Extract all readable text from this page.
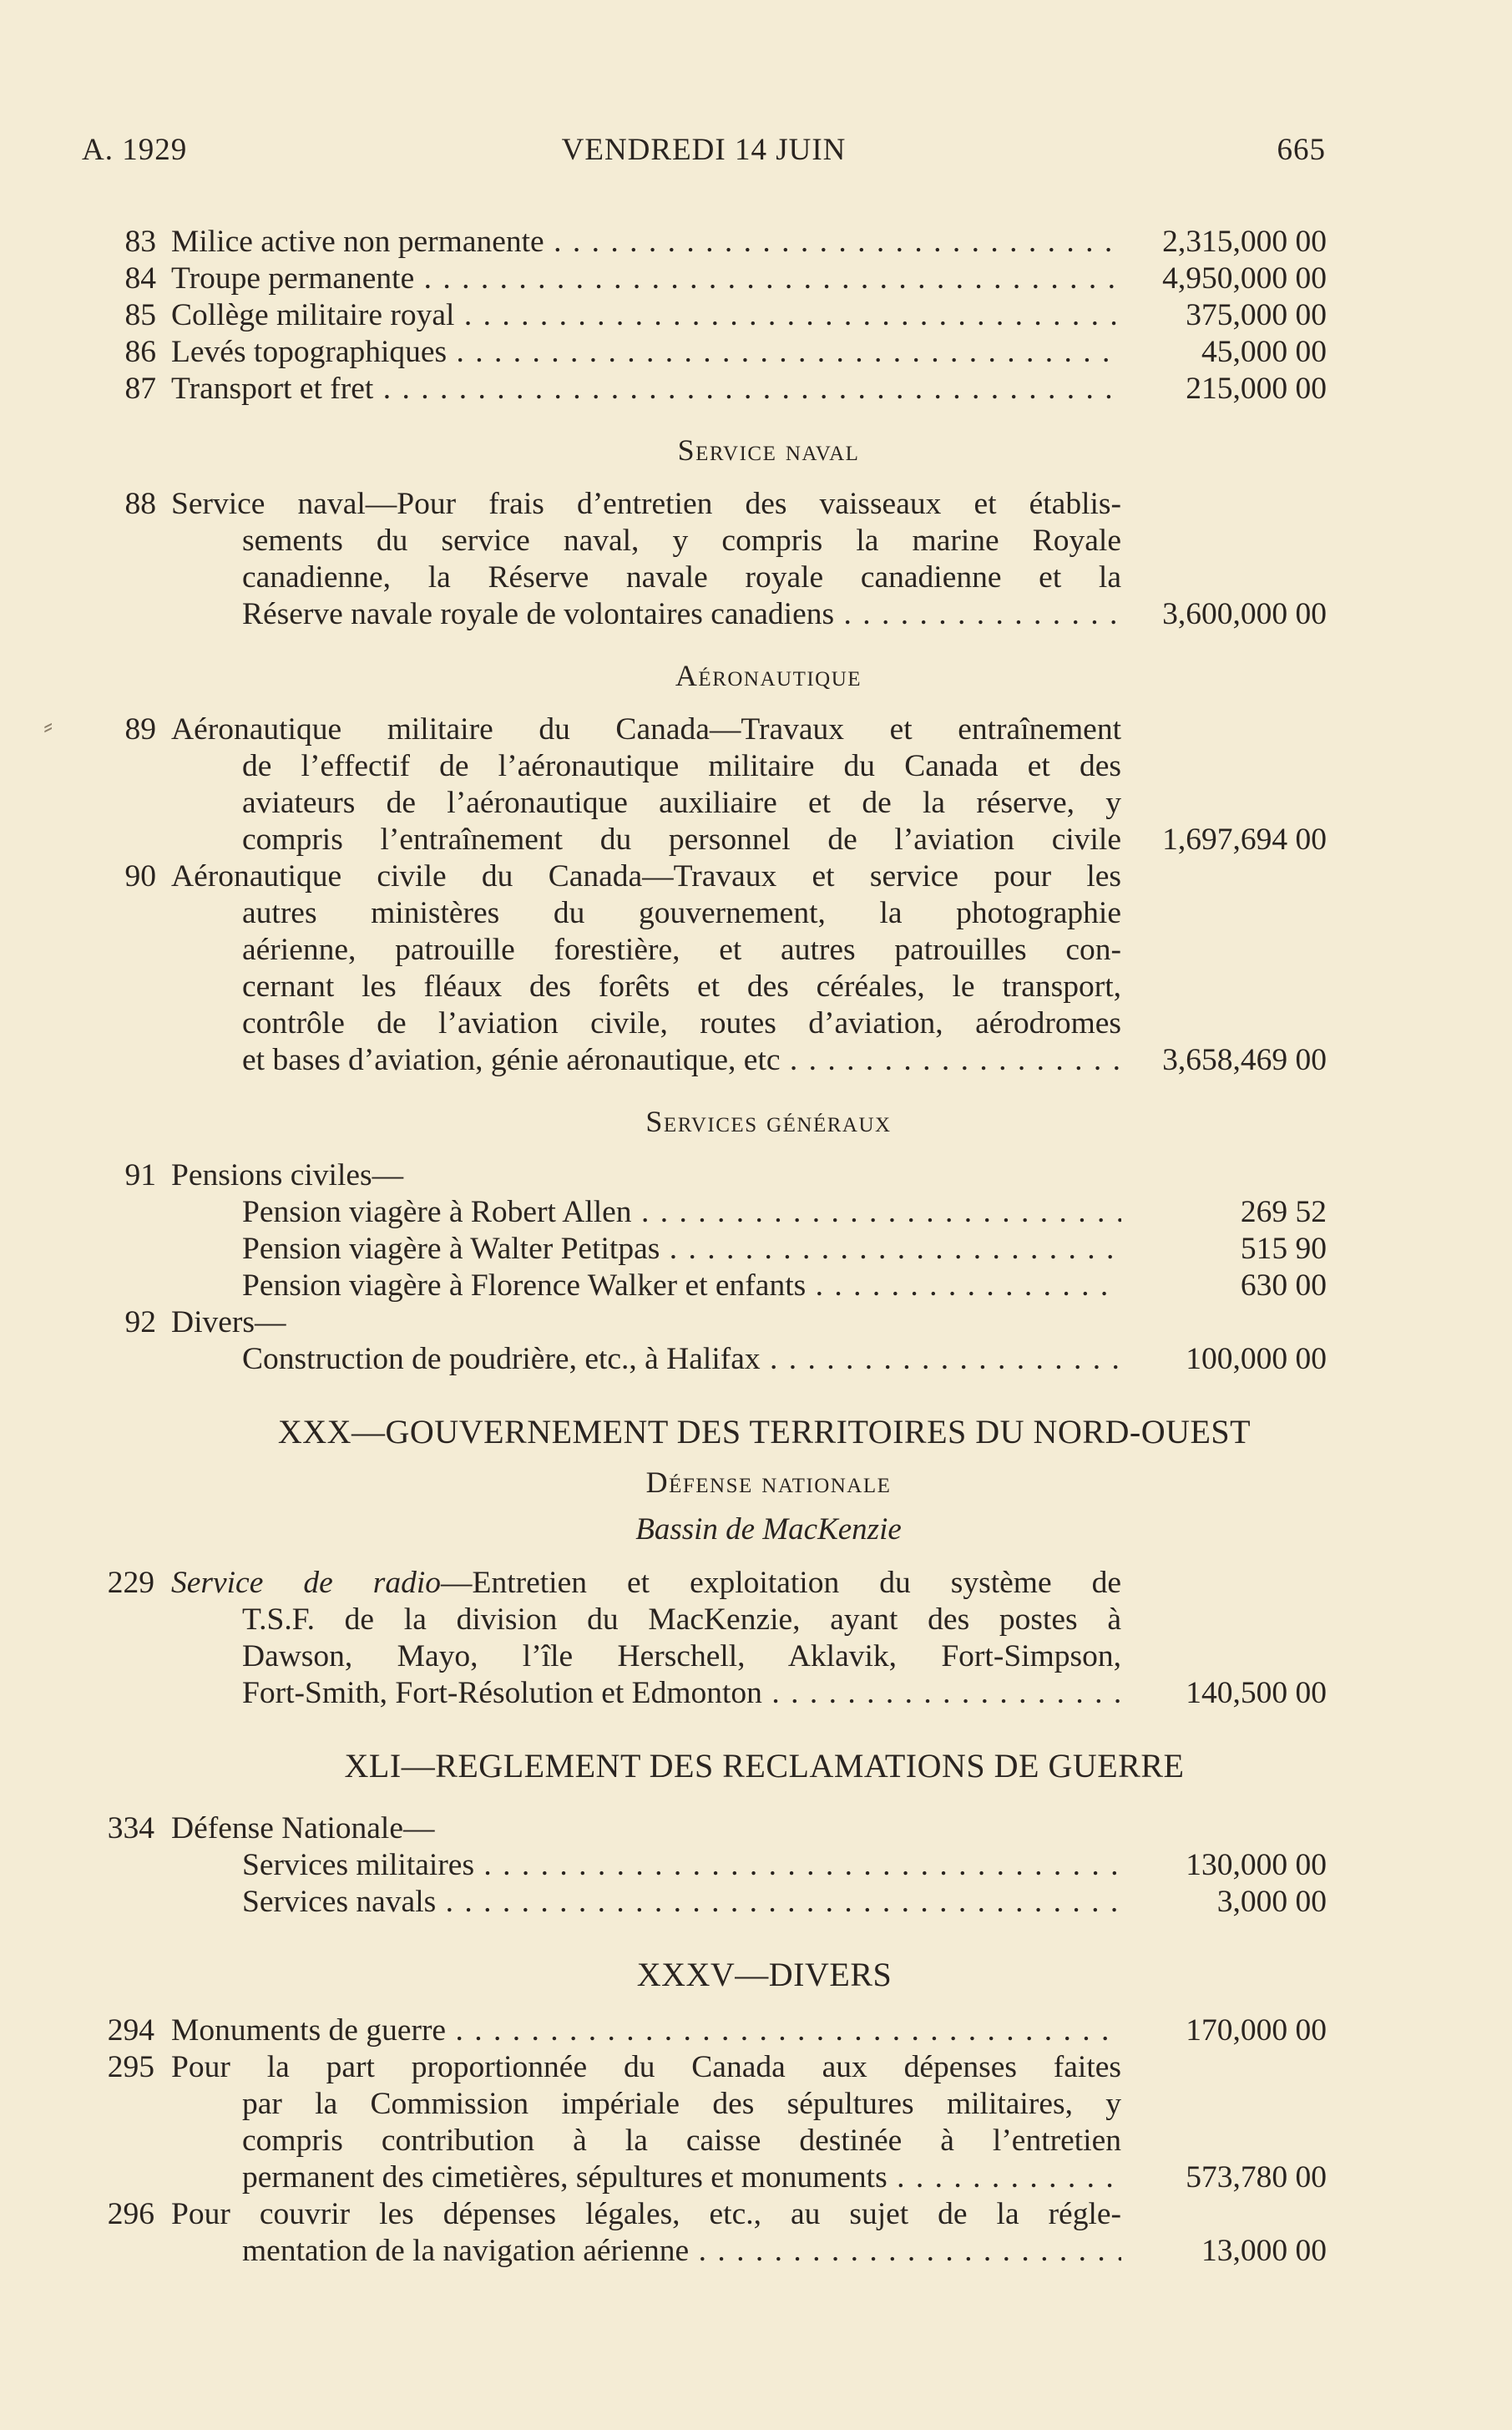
A. 1929	VENDREDI 14 JUIN	665
83 Milice active non permanente . . .	2,315,000 00
84 Troupe permanente . . .	4,950,000 00
85 Collège militaire royal . . .	375,000 00
86 Levés topographiques . . .	45,000 00
87 Transport et fret . . .	215,000 00
Service naval
88 Service naval—Pour frais d’entretien des vaisseaux et établis-
sements du service naval, y compris la marine Royale
canadienne, la Réserve navale royale canadienne et la
Réserve navale royale de volontaires canadiens . . .	3,600,000 00
Aéronautique
⸗	89 Aéronautique militaire du Canada—Travaux et entraînement
de l’effectif de l’aéronautique militaire du Canada et des
aviateurs de l’aéronautique auxiliaire et de la réserve, y
compris l’entraînement du personnel de l’aviation civile	1,697,694 00
90 Aéronautique civile du Canada—Travaux et service pour les
autres ministères du gouvernement, la photographie
aérienne, patrouille forestière, et autres patrouilles con-
cernant les fléaux des forêts et des céréales, le transport,
contrôle de l’aviation civile, routes d’aviation, aérodromes
et bases d’aviation, génie aéronautique, etc . . .	3,658,469 00
Services généraux
91 Pensions civiles—
Pension viagère à Robert Allen . . .	269 52
Pension viagère à Walter Petitpas . . .	515 90
Pension viagère à Florence Walker et enfants . . .	630 00
92 Divers—
Construction de poudrière, etc., à Halifax . . .	100,000 00
XXX—GOUVERNEMENT DES TERRITOIRES DU NORD-OUEST
Défense nationale
Bassin de MacKenzie
229 Service de radio—Entretien et exploitation du système de
T.S.F. de la division du MacKenzie, ayant des postes à
Dawson, Mayo, l’île Herschell, Aklavik, Fort-Simpson,
Fort-Smith, Fort-Résolution et Edmonton . . .	140,500 00
XLI—REGLEMENT DES RECLAMATIONS DE GUERRE
334 Défense Nationale—
Services militaires . . .	130,000 00
Services navals . . .	3,000 00
XXXV—DIVERS
294 Monuments de guerre . . .	170,000 00
295 Pour la part proportionnée du Canada aux dépenses faites
par la Commission impériale des sépultures militaires, y
compris contribution à la caisse destinée à l’entretien
permanent des cimetières, sépultures et monuments . . .	573,780 00
296 Pour couvrir les dépenses légales, etc., au sujet de la régle-
mentation de la navigation aérienne . . .	13,000 00
